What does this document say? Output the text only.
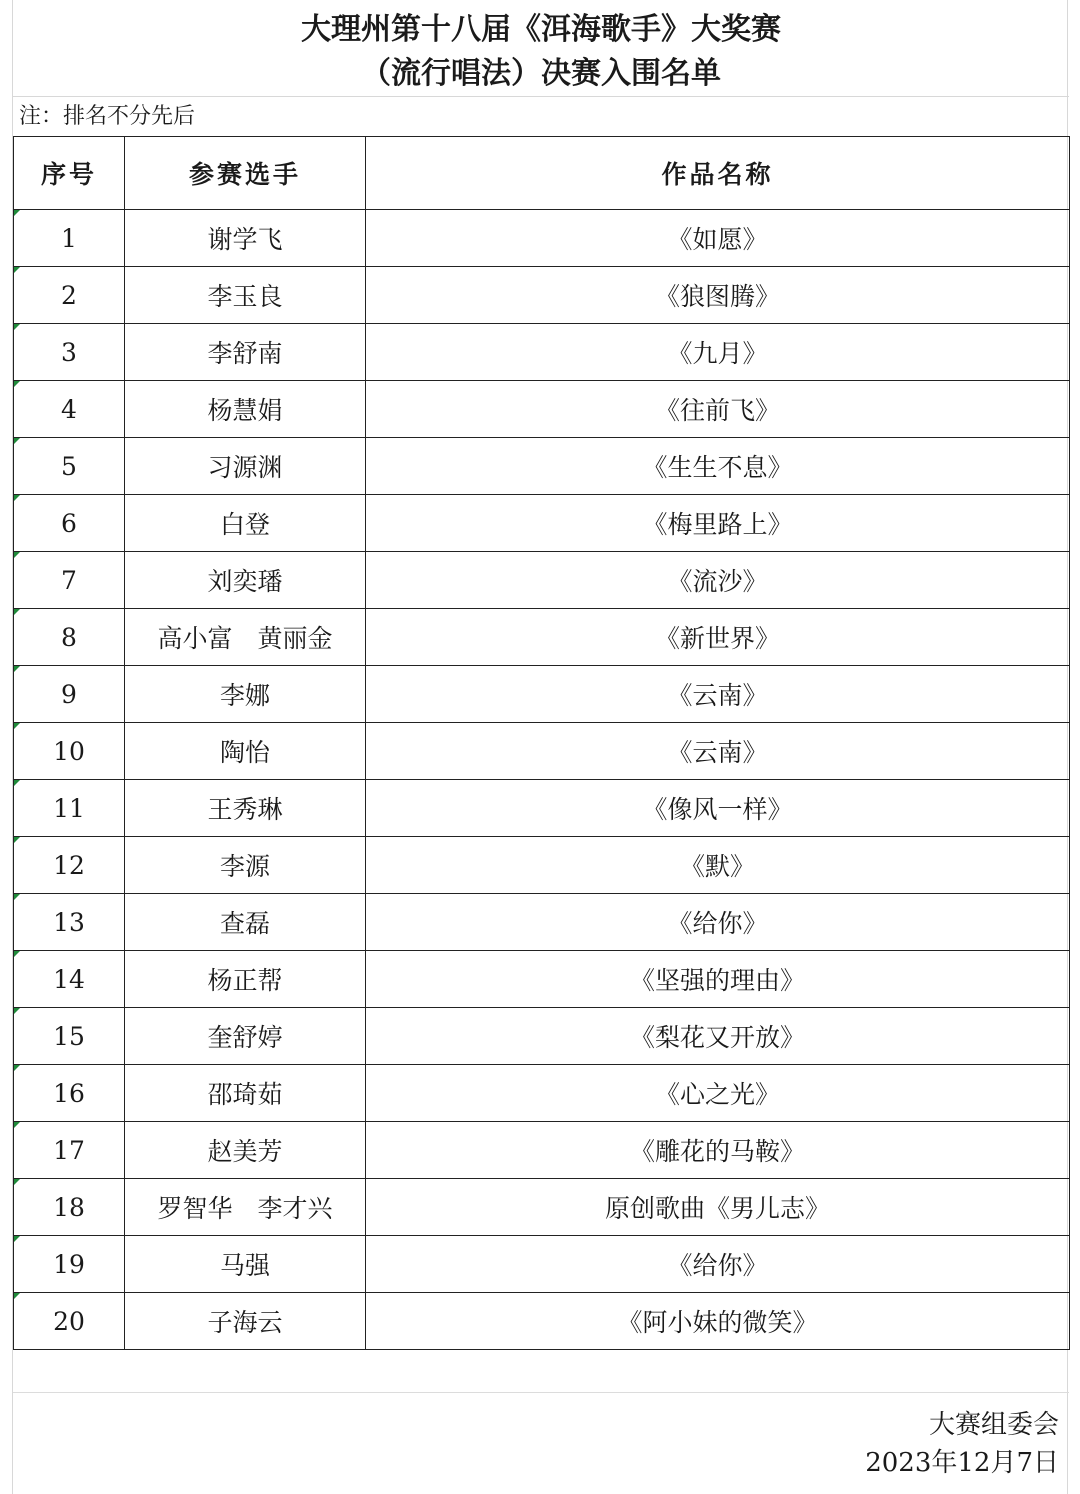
大理州第十八届《洱海歌手》大奖赛
（流行唱法）决赛入围名单
注：排名不分先后
序号	参赛选手	作品名称
1	谢学飞	《如愿》
2	李玉良	《狼图腾》
3	李舒南	《九月》
4	杨慧娟	《往前飞》
5	习源渊	《生生不息》
6	白登	《梅里路上》
7	刘奕璠	《流沙》
8	高小富　黄丽金	《新世界》
9	李娜	《云南》
10	陶怡	《云南》
11	王秀琳	《像风一样》
12	李源	《默》
13	查磊	《给你》
14	杨正帮	《坚强的理由》
15	奎舒婷	《梨花又开放》
16	邵琦茹	《心之光》
17	赵美芳	《雕花的马鞍》
18	罗智华　李才兴	原创歌曲《男儿志》
19	马强	《给你》
20	子海云	《阿小妹的微笑》
大赛组委会
2023年12月7日
